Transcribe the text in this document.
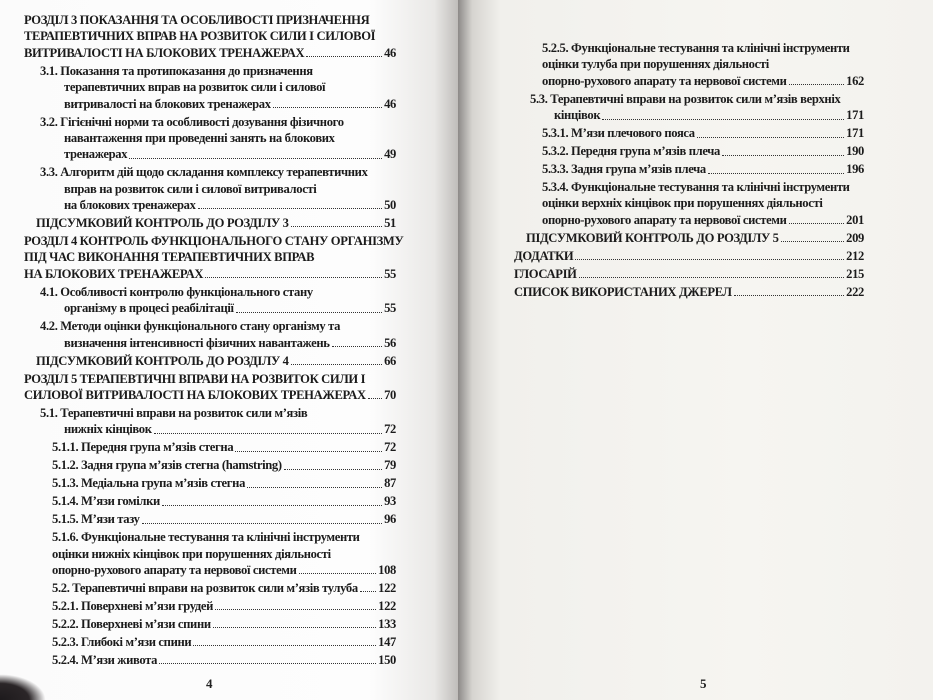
РОЗДІЛ 3 ПОКАЗАННЯ ТА ОСОБЛИВОСТІ ПРИЗНАЧЕННЯ
ТЕРАПЕВТИЧНИХ ВПРАВ НА РОЗВИТОК СИЛИ І СИЛОВОЇ
ВИТРИВАЛОСТІ НА БЛОКОВИХ ТРЕНАЖЕРАХ	46
3.1. Показання та протипоказання до призначення
терапевтичних вправ на розвиток сили і силової
витривалості на блокових тренажерах	46
3.2. Гігієнічні норми та особливості дозування фізичного
навантаження при проведенні занять на блокових
тренажерах	49
3.3. Алгоритм дій щодо складання комплексу терапевтичних
вправ на розвиток сили і силової витривалості
на блокових тренажерах	50
ПІДСУМКОВИЙ КОНТРОЛЬ ДО РОЗДІЛУ 3	51
РОЗДІЛ 4 КОНТРОЛЬ ФУНКЦІОНАЛЬНОГО СТАНУ ОРГАНІЗМУ
ПІД ЧАС ВИКОНАННЯ ТЕРАПЕВТИЧНИХ ВПРАВ
НА БЛОКОВИХ ТРЕНАЖЕРАХ	55
4.1. Особливості контролю функціонального стану
організму в процесі реабілітації	55
4.2. Методи оцінки функціонального стану організму та
визначення інтенсивності фізичних навантажень	56
ПІДСУМКОВИЙ КОНТРОЛЬ ДО РОЗДІЛУ 4	66
РОЗДІЛ 5 ТЕРАПЕВТИЧНІ ВПРАВИ НА РОЗВИТОК СИЛИ І
СИЛОВОЇ ВИТРИВАЛОСТІ НА БЛОКОВИХ ТРЕНАЖЕРАХ 70
5.1. Терапевтичні вправи на розвиток сили м’язів
нижніх кінцівок	72
5.1.1. Передня група м’язів стегна	72
5.1.2. Задня група м’язів стегна (hamstring)	79
5.1.3. Медіальна група м’язів стегна	87
5.1.4. М’язи гомілки	93
5.1.5. М’язи тазу	96
5.1.6. Функціональне тестування та клінічні інструменти
оцінки нижніх кінцівок при порушеннях діяльності
опорно-рухового апарату та нервової системи	108
5.2. Терапевтичні вправи на розвиток сили м’язів тулуба 122
5.2.1. Поверхневі м’язи грудей	122
5.2.2. Поверхневі м’язи спини	133
5.2.3. Глибокі м’язи спини	147
5.2.4. М’язи живота	150
4
5.2.5. Функціональне тестування та клінічні інструменти
оцінки тулуба при порушеннях діяльності
опорно-рухового апарату та нервової системи	162
5.3. Терапевтичні вправи на розвиток сили м’язів верхніх
кінцівок	171
5.3.1. М’язи плечового пояса	171
5.3.2. Передня група м’язів плеча	190
5.3.3. Задня група м’язів плеча	196
5.3.4. Функціональне тестування та клінічні інструменти
оцінки верхніх кінцівок при порушеннях діяльності
опорно-рухового апарату та нервової системи	201
ПІДСУМКОВИЙ КОНТРОЛЬ ДО РОЗДІЛУ 5	209
ДОДАТКИ	212
ГЛОСАРІЙ	215
СПИСОК ВИКОРИСТАНИХ ДЖЕРЕЛ	222
5
